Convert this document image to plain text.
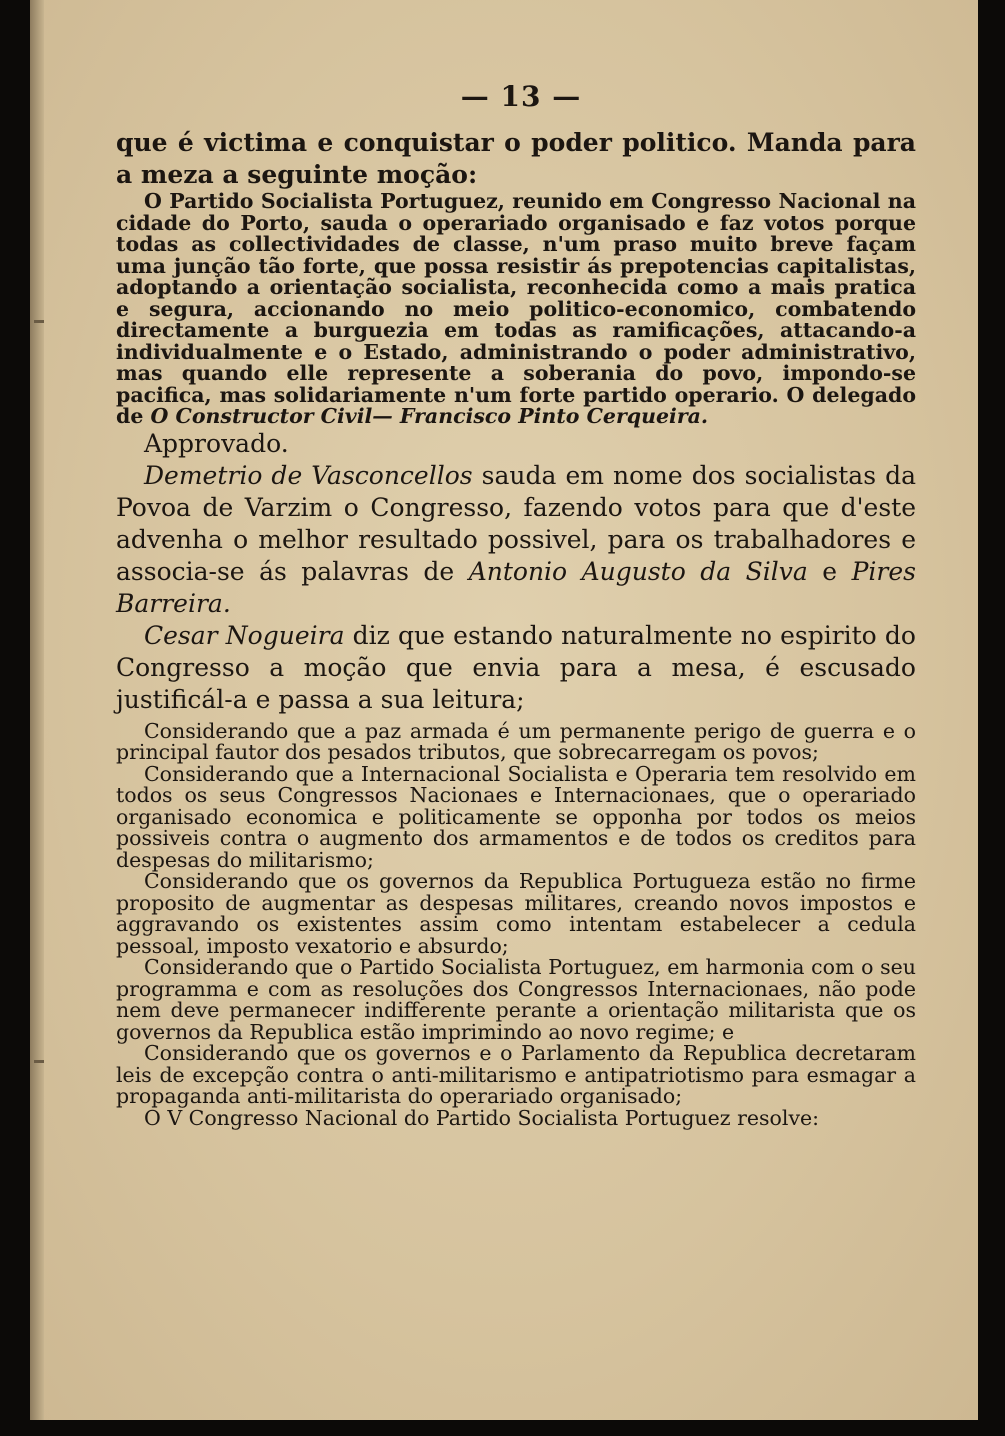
— 13 —

que é victima e conquistar o poder politico. Manda para a meza a seguinte moção:

O Partido Socialista Portuguez, reunido em Congresso Nacional na cidade do Porto, sauda o operariado organisado e faz votos porque todas as collectividades de classe, n'um praso muito breve façam uma junção tão forte, que possa resistir ás prepotencias capitalistas, adoptando a orientação socialista, reconhecida como a mais pratica e segura, accionando no meio politico-economico, combatendo directamente a burguezia em todas as ramificações, attacando-a individualmente e o Estado, administrando o poder administrativo, mas quando elle represente a soberania do povo, impondo-se pacifica, mas solidariamente n'um forte partido operario. O delegado de O Constructor Civil— Francisco Pinto Cerqueira.

Approvado.

Demetrio de Vasconcellos sauda em nome dos socialistas da Povoa de Varzim o Congresso, fazendo votos para que d'este advenha o melhor resultado possivel, para os trabalhadores e associa-se ás palavras de Antonio Augusto da Silva e Pires Barreira.

Cesar Nogueira diz que estando naturalmente no espirito do Congresso a moção que envia para a mesa, é escusado justificál-a e passa a sua leitura;

Considerando que a paz armada é um permanente perigo de guerra e o principal fautor dos pesados tributos, que sobrecarregam os povos;

Considerando que a Internacional Socialista e Operaria tem resolvido em todos os seus Congressos Nacionaes e Internacionaes, que o operariado organisado economica e politicamente se opponha por todos os meios possiveis contra o augmento dos armamentos e de todos os creditos para despesas do militarismo;

Considerando que os governos da Republica Portugueza estão no firme proposito de augmentar as despesas militares, creando novos impostos e aggravando os existentes assim como intentam estabelecer a cedula pessoal, imposto vexatorio e absurdo;

Considerando que o Partido Socialista Portuguez, em harmonia com o seu programma e com as resoluções dos Congressos Internacionaes, não pode nem deve permanecer indifferente perante a orientação militarista que os governos da Republica estão imprimindo ao novo regime; e

Considerando que os governos e o Parlamento da Republica decretaram leis de excepção contra o anti-militarismo e antipatriotismo para esmagar a propaganda anti-militarista do operariado organisado;

O V Congresso Nacional do Partido Socialista Portuguez resolve:
